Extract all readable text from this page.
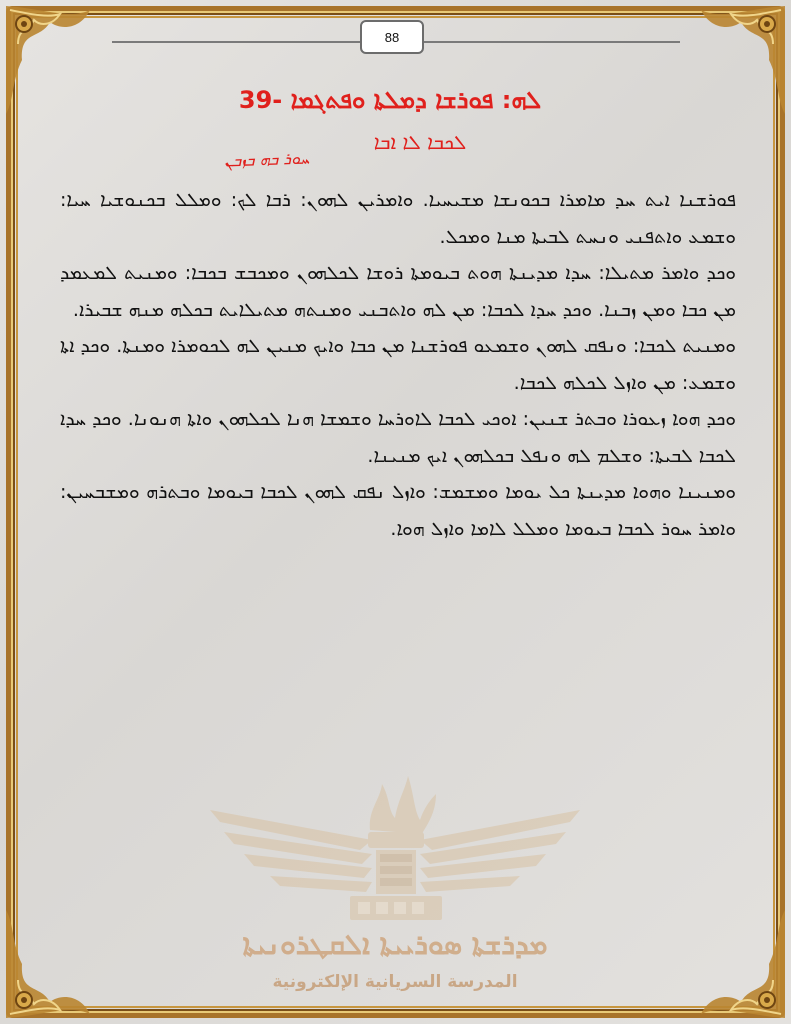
88
ܠܗ: ܦܘܪܫܐ ܕܡܠܬܐ ܘܦܬܓܡܐ -39
ܠܟܒܐ ܠܐ ܐܒܐ
ܚܘܪ ܒܗ ܒܙܒܢ

ܦܘܪܫܢܐ ܐܝܬ ܚܕ ܡܐܡܪܐ ܒܟܘܢܫܐ ܡܫܝܚܝܐ. ܘܐܡܪܝܢ ܠܗܘܢ: ܪܒܐ ܠܟ: ܘܡܠܠ ܒܟܢܘܫܝܐ ܚܝܐ: ܘܫܡܥ ܘܐܬܦܢܝ ܘܢܚܬ ܠܒܝܬܐ ܡܢܐ ܘܡܟܠ.

ܘܟܕ ܘܐܡܪ ܡܬܝܠܐ: ܚܕܐ ܡܕܝܢܬܐ ܗܘܬ ܒܝܘܡܬܐ ܪܘܫܐ ܠܟܠܗܘܢ ܘܡܟܒܫ ܒܟܒܐ: ܘܡܢܝܬ ܠܡܥܡܕ ܡܢ ܟܒܐ ܘܡܢ ܙܒܢܐ. ܘܟܕ ܚܕܐ ܠܟܒܐ: ܡܢ ܠܗ ܘܐܬܒܢܝ ܘܡܢܬܗ ܡܬܝܠܐܝܬ ܒܟܠܗ ܡܢܗ ܫܒܝܪܐ.

ܘܡܢܝܬ ܠܟܒܐ: ܘܢܦܩ ܠܗܘܢ ܘܫܡܥܘ ܦܘܪܫܢܐ ܡܢ ܟܒܐ ܘܐܝܟ ܡܢܝܢ ܠܗ ܠܟܘܡܪܐ ܘܡܢܬܐ. ܘܟܕ ܐܬܐ ܘܫܡܥ: ܡܢ ܘܐܙܠ ܠܟܠܗ ܠܟܒܐ.

ܘܟܕ ܗܘܐ ܙܥܘܪܐ ܘܒܬܪ ܫܢܝܢ: ܐܘܟܝ ܠܟܒܐ ܠܐܘܪܚܐ ܘܫܡܫܐ ܗܢܐ ܠܟܠܗܘܢ ܘܐܬܐ ܗܢܘܢܐ. ܘܟܕ ܚܕܐ ܠܟܒܐ ܠܒܝܬܐ: ܘܫܠܡ ܠܗ ܘܢܦܠ ܒܟܠܗܘܢ ܐܝܟ ܡܢܝܢܐ.

ܘܡܢܝܢܐ ܘܗܘܐ ܡܕܝܢܬܐ ܟܠ ܝܘܡܐ ܘܡܫܡܫ: ܘܐܙܠ ܢܦܩ ܠܗܘܢ ܠܟܒܐ ܒܝܘܡܐ ܘܒܬܪܗ ܘܡܫܒܚܝܢ: ܘܐܡܪ ܚܘܪ ܠܟܒܐ ܒܝܘܡܐ ܘܡܠܠ ܠܐܡܐ ܘܐܙܠ ܗܘܐ.

ܡܕܪܫܬܐ ܣܘܪܝܝܬܐ ܐܠܩܛܪܘܢܝܬܐ
المدرسة السريانية الإلكترونية
